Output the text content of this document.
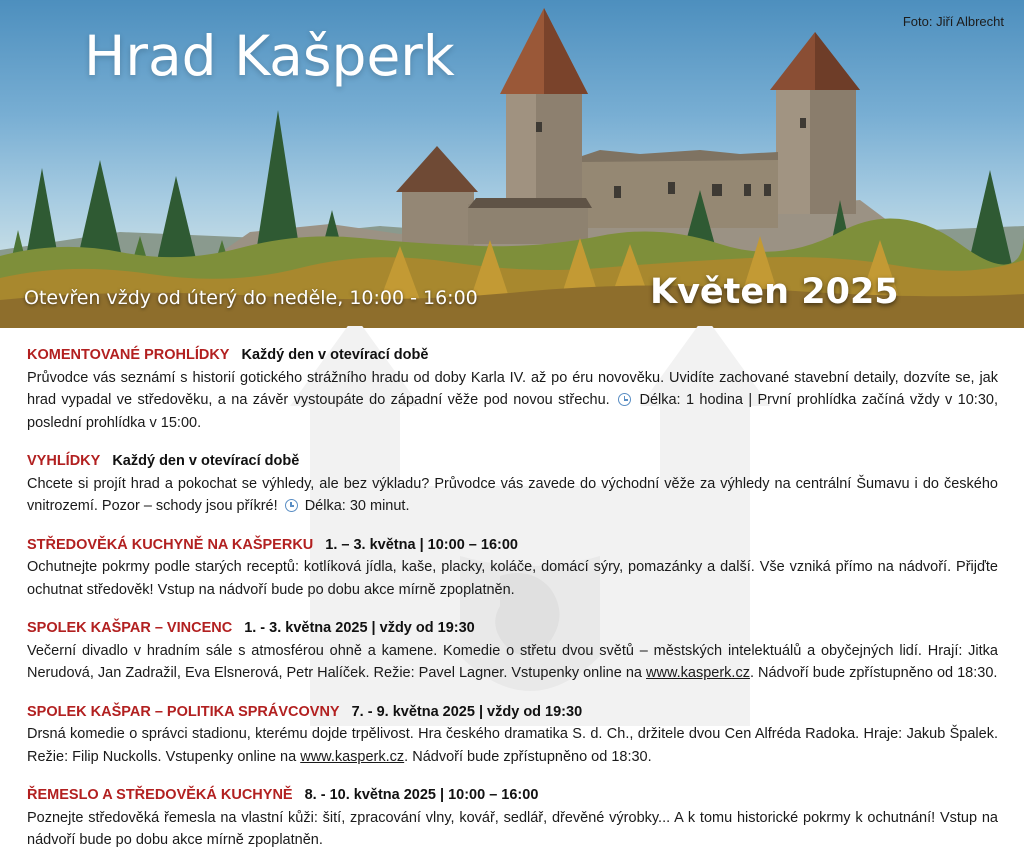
Foto: Jiří Albrecht
Hrad Kašperk
Otevřen vždy od úterý do neděle, 10:00 - 16:00	Květen 2025
KOMENTOVANÉ PROHLÍDKY Každý den v otevírací době
Průvodce vás seznámí s historií gotického strážního hradu od doby Karla IV. až po éru novověku. Uvidíte zachované stavební detaily, dozvíte se, jak hrad vypadal ve středověku, a na závěr vystoupáte do západní věže pod novou střechu. Délka: 1 hodina | První prohlídka začíná vždy v 10:30, poslední prohlídka v 15:00.
VYHLÍDKY Každý den v otevírací době
Chcete si projít hrad a pokochat se výhledy, ale bez výkladu? Průvodce vás zavede do východní věže za výhledy na centrální Šumavu i do českého vnitrozemí. Pozor – schody jsou příkré! Délka: 30 minut.
STŘEDOVĚKÁ KUCHYNĚ NA KAŠPERKU 1. – 3. května | 10:00 – 16:00
Ochutnejte pokrmy podle starých receptů: kotlíková jídla, kaše, placky, koláče, domácí sýry, pomazánky a další. Vše vzniká přímo na nádvoří. Přijďte ochutnat středověk! Vstup na nádvoří bude po dobu akce mírně zpoplatněn.
SPOLEK KAŠPAR – VINCENC 1. - 3. května 2025 | vždy od 19:30
Večerní divadlo v hradním sále s atmosférou ohně a kamene. Komedie o střetu dvou světů – městských intelektuálů a obyčejných lidí. Hrají: Jitka Nerudová, Jan Zadražil, Eva Elsnerová, Petr Halíček. Režie: Pavel Lagner. Vstupenky online na www.kasperk.cz. Nádvoří bude zpřístupněno od 18:30.
SPOLEK KAŠPAR – POLITIKA SPRÁVCOVNY 7. - 9. května 2025 | vždy od 19:30
Drsná komedie o správci stadionu, kterému dojde trpělivost. Hra českého dramatika S. d. Ch., držitele dvou Cen Alfréda Radoka. Hraje: Jakub Špalek. Režie: Filip Nuckolls. Vstupenky online na www.kasperk.cz. Nádvoří bude zpřístupněno od 18:30.
ŘEMESLO A STŘEDOVĚKÁ KUCHYNĚ 8. - 10. května 2025 | 10:00 – 16:00
Poznejte středověká řemesla na vlastní kůži: šití, zpracování vlny, kovář, sedlář, dřevěné výrobky... A k tomu historické pokrmy k ochutnání! Vstup na nádvoří bude po dobu akce mírně zpoplatněn.
